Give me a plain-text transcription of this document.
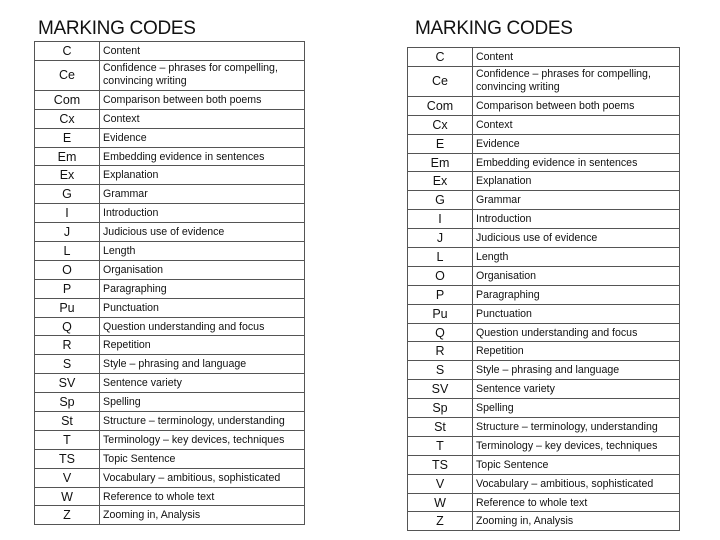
MARKING CODES
C	Content
Ce	Confidence – phrases for compelling, convincing writing
Com	Comparison between both poems
Cx	Context
E	Evidence
Em	Embedding evidence in sentences
Ex	Explanation
G	Grammar
I	Introduction
J	Judicious use of evidence
L	Length
O	Organisation
P	Paragraphing
Pu	Punctuation
Q	Question understanding and focus
R	Repetition
S	Style – phrasing and language
SV	Sentence variety
Sp	Spelling
St	Structure – terminology, understanding
T	Terminology – key devices, techniques
TS	Topic Sentence
V	Vocabulary – ambitious, sophisticated
W	Reference to whole text
Z	Zooming in, Analysis
MARKING CODES
C	Content
Ce	Confidence – phrases for compelling, convincing writing
Com	Comparison between both poems
Cx	Context
E	Evidence
Em	Embedding evidence in sentences
Ex	Explanation
G	Grammar
I	Introduction
J	Judicious use of evidence
L	Length
O	Organisation
P	Paragraphing
Pu	Punctuation
Q	Question understanding and focus
R	Repetition
S	Style – phrasing and language
SV	Sentence variety
Sp	Spelling
St	Structure – terminology, understanding
T	Terminology – key devices, techniques
TS	Topic Sentence
V	Vocabulary – ambitious, sophisticated
W	Reference to whole text
Z	Zooming in, Analysis
